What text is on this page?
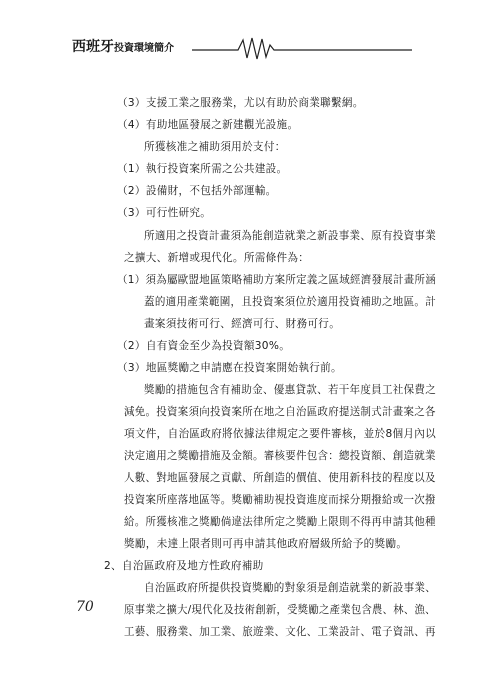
西班牙投資環境簡介
（3）支援工業之服務業，尤以有助於商業聯繫網。
（4）有助地區發展之新建觀光設施。
所獲核准之補助須用於支付：
（1）執行投資案所需之公共建設。
（2）設備財，不包括外部運輸。
（3）可行性研究。
所適用之投資計畫須為能創造就業之新設事業、原有投資事業
之擴大、新增或現代化。所需條件為：
（1）須為屬歐盟地區策略補助方案所定義之區域經濟發展計畫所涵
蓋的適用產業範圍，且投資案須位於適用投資補助之地區。計
畫案須技術可行、經濟可行、財務可行。
（2）自有資金至少為投資額30%。
（3）地區獎勵之申請應在投資案開始執行前。
獎勵的措施包含有補助金、優惠貸款、若干年度員工社保費之
減免。投資案須向投資案所在地之自治區政府提送制式計畫案之各
項文件，自治區政府將依據法律規定之要件審核，並於8個月內以
決定適用之獎勵措施及金額。審核要件包含：總投資額、創造就業
人數、對地區發展之貢獻、所創造的價值、使用新科技的程度以及
投資案所座落地區等。獎勵補助視投資進度而採分期撥給或一次撥
給。所獲核准之獎勵倘違法律所定之獎勵上限則不得再申請其他種
獎勵，未達上限者則可再申請其他政府層級所給予的獎勵。
2、自治區政府及地方性政府補助
自治區政府所提供投資獎勵的對象須是創造就業的新設事業、
原事業之擴大/現代化及技術創新，受獎勵之產業包含農、林、漁、
工藝、服務業、加工業、旅遊業、文化、工業設計、電子資訊、再
70
